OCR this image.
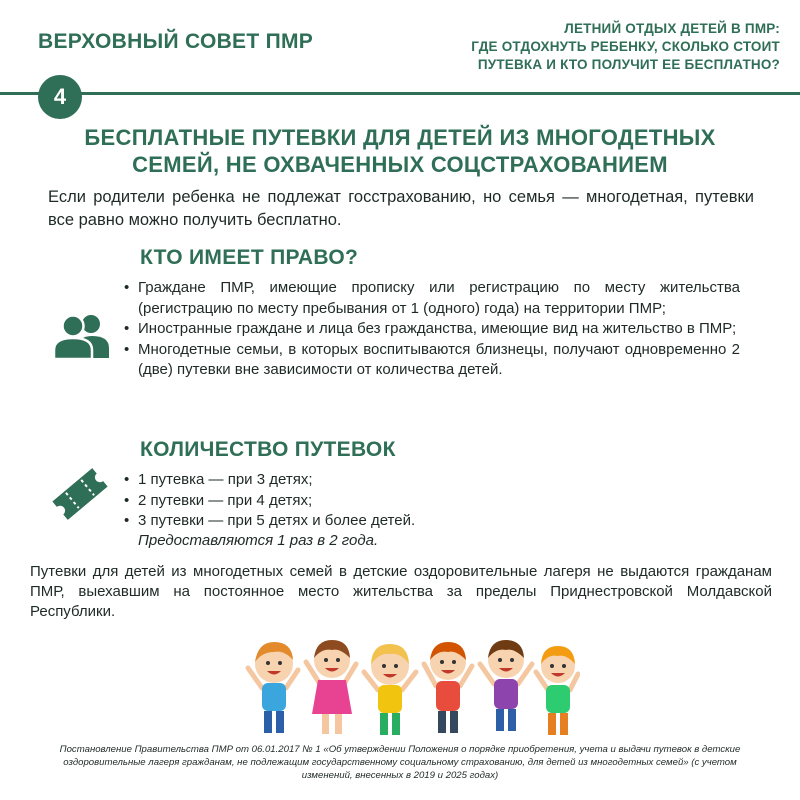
ВЕРХОВНЫЙ СОВЕТ ПМР
ЛЕТНИЙ ОТДЫХ ДЕТЕЙ В ПМР:
ГДЕ ОТДОХНУТЬ РЕБЕНКУ, СКОЛЬКО СТОИТ
ПУТЕВКА И КТО ПОЛУЧИТ ЕЕ БЕСПЛАТНО?
4
БЕСПЛАТНЫЕ ПУТЕВКИ ДЛЯ ДЕТЕЙ ИЗ МНОГОДЕТНЫХ
СЕМЕЙ, НЕ ОХВАЧЕННЫХ СОЦСТРАХОВАНИЕМ
Если родители ребенка не подлежат госстрахованию, но семья — многодетная, путевки все равно можно получить бесплатно.
КТО ИМЕЕТ ПРАВО?
• Граждане ПМР, имеющие прописку или регистрацию по месту жительства (регистрацию по месту пребывания от 1 (одного) года) на территории ПМР;
• Иностранные граждане и лица без гражданства, имеющие вид на жительство в ПМР;
• Многодетные семьи, в которых воспитываются близнецы, получают одновременно 2 (две) путевки вне зависимости от количества детей.
КОЛИЧЕСТВО ПУТЕВОК
• 1 путевка — при 3 детях;
• 2 путевки — при 4 детях;
• 3 путевки — при 5 детях и более детей.
Предоставляются 1 раз в 2 года.
Путевки для детей из многодетных семей в детские оздоровительные лагеря не выдаются гражданам ПМР, выехавшим на постоянное место жительства за пределы Приднестровской Молдавской Республики.
Постановление Правительства ПМР от 06.01.2017 № 1 «Об утверждении Положения о порядке приобретения, учета и выдачи путевок в детские оздоровительные лагеря гражданам, не подлежащим государственному социальному страхованию, для детей из многодетных семей» (с учетом изменений, внесенных в 2019 и 2025 годах)
